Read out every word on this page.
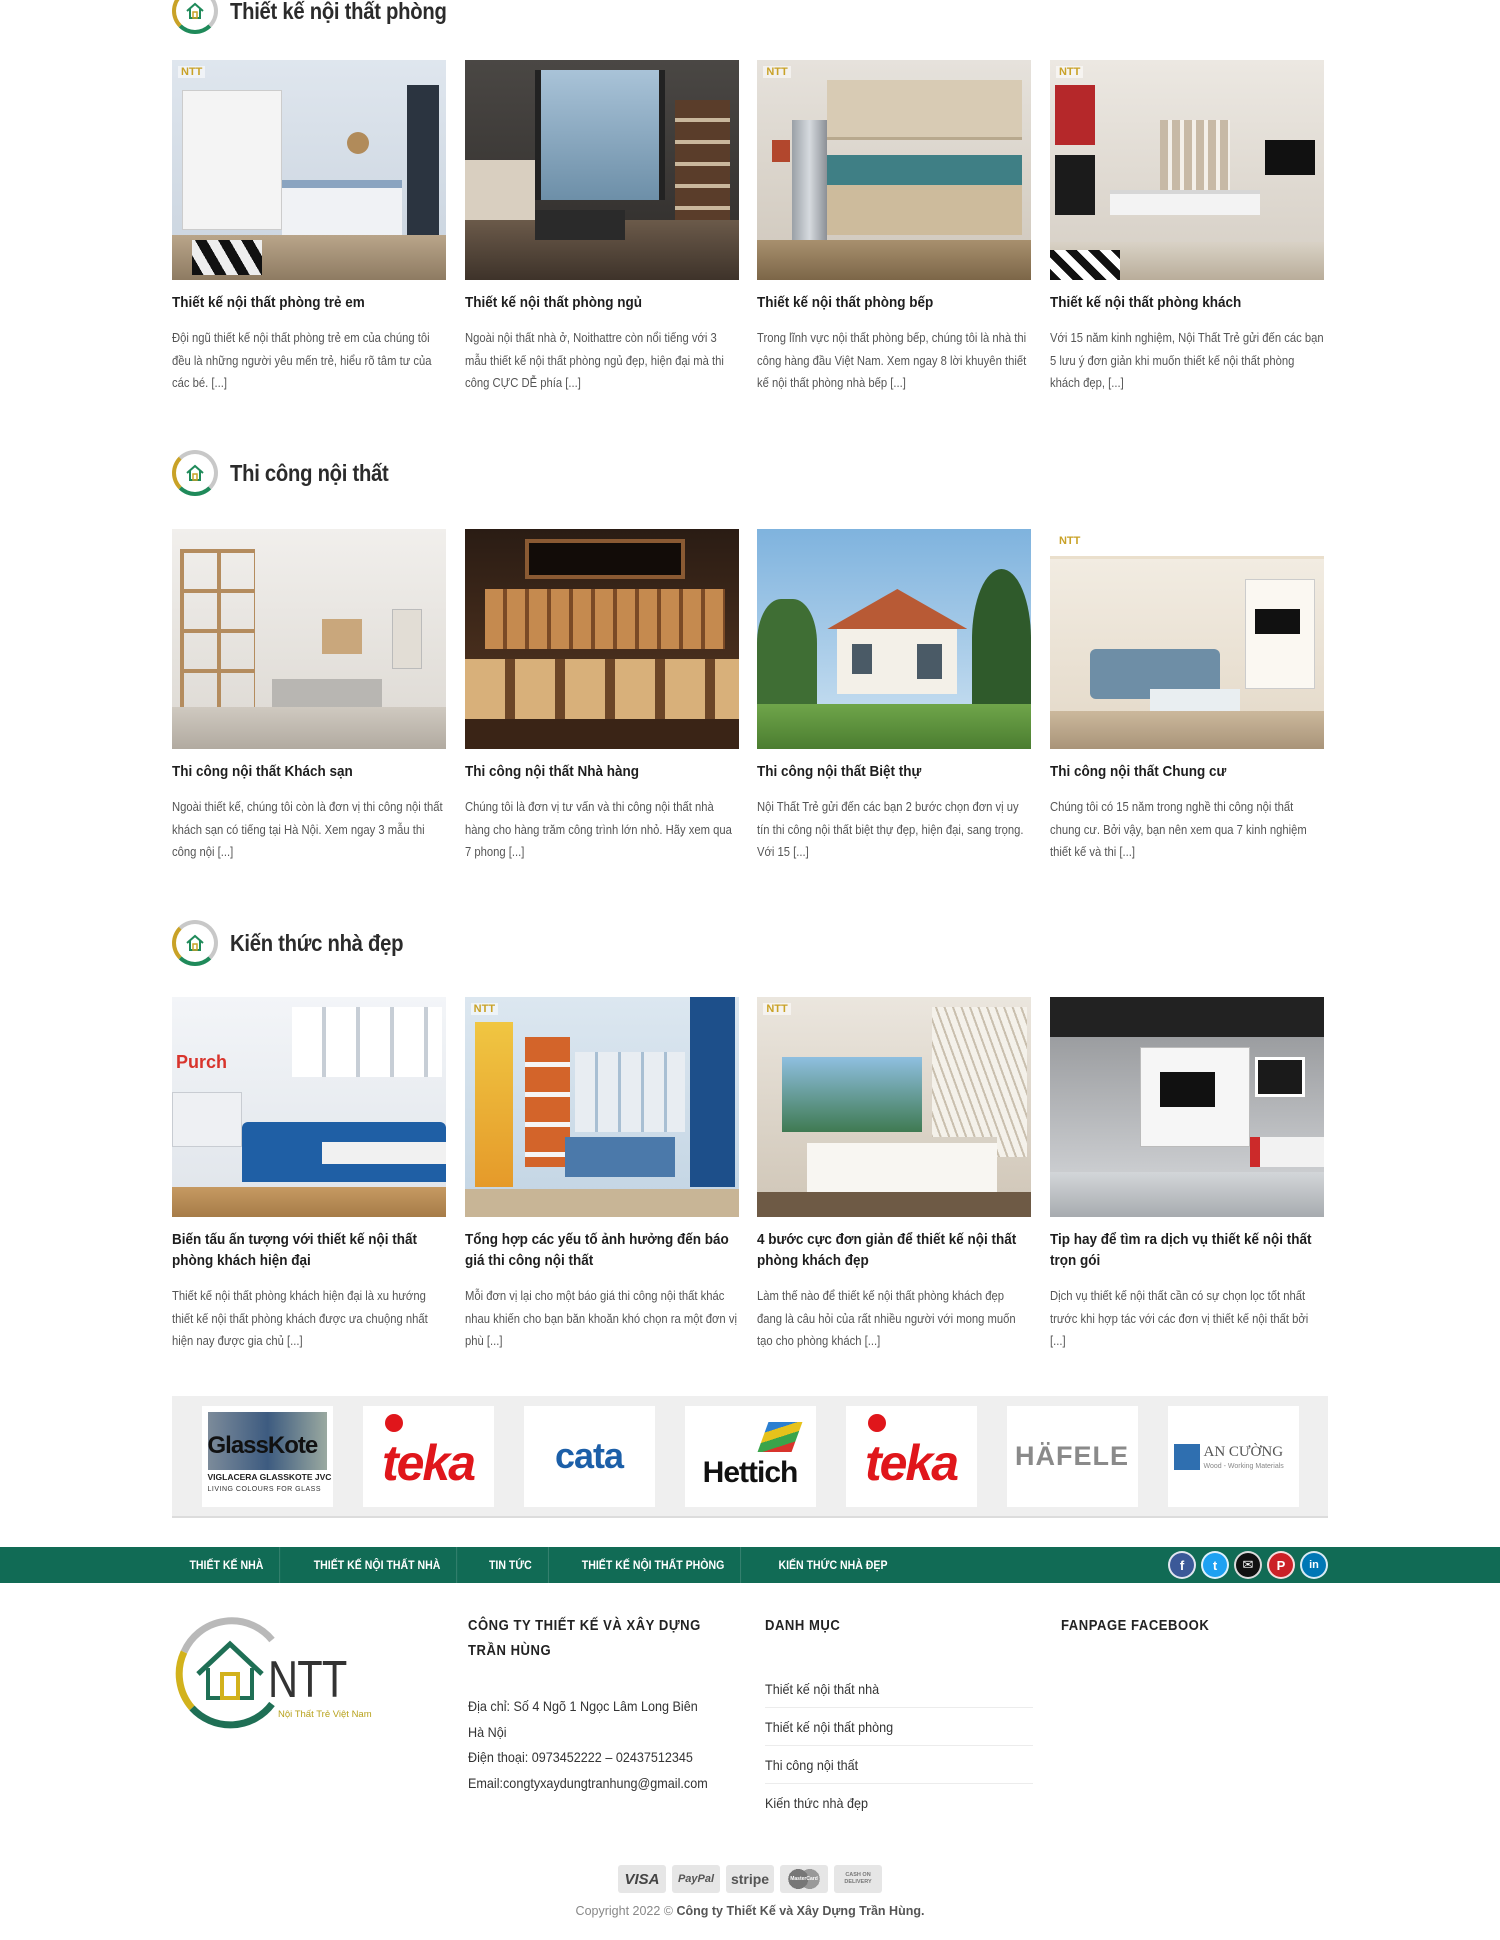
Thiết kế nội thất phòng
NTT
Thiết kế nội thất phòng trẻ em
Đội ngũ thiết kế nội thất phòng trẻ em của chúng tôi đều là những người yêu mến trẻ, hiểu rõ tâm tư của các bé. [...]
Thiết kế nội thất phòng ngủ
Ngoài nội thất nhà ở, Noithattre còn nổi tiếng với 3 mẫu thiết kế nội thất phòng ngủ đẹp, hiện đại mà thi công CỰC DỄ phía [...]
NTT
Thiết kế nội thất phòng bếp
Trong lĩnh vực nội thất phòng bếp, chúng tôi là nhà thi công hàng đầu Việt Nam. Xem ngay 8 lời khuyên thiết kế nội thất phòng nhà bếp [...]
NTT
Thiết kế nội thất phòng khách
Với 15 năm kinh nghiệm, Nội Thất Trẻ gửi đến các bạn 5 lưu ý đơn giản khi muốn thiết kế nội thất phòng khách đẹp, [...]
Thi công nội thất
Thi công nội thất Khách sạn
Ngoài thiết kế, chúng tôi còn là đơn vị thi công nội thất khách sạn có tiếng tại Hà Nội. Xem ngay 3 mẫu thi công nội [...]
Thi công nội thất Nhà hàng
Chúng tôi là đơn vị tư vấn và thi công nội thất nhà hàng cho hàng trăm công trình lớn nhỏ. Hãy xem qua 7 phong [...]
Thi công nội thất Biệt thự
Nội Thất Trẻ gửi đến các bạn 2 bước chọn đơn vị uy tín thi công nội thất biệt thự đẹp, hiện đại, sang trọng. Với 15 [...]
NTT
Thi công nội thất Chung cư
Chúng tôi có 15 năm trong nghề thi công nội thất chung cư. Bởi vậy, bạn nên xem qua 7 kinh nghiệm thiết kế và thi [...]
Kiến thức nhà đẹp
Purch
Biến tấu ấn tượng với thiết kế nội thất phòng khách hiện đại
Thiết kế nội thất phòng khách hiện đại là xu hướng thiết kế nội thất phòng khách được ưa chuộng nhất hiện nay được gia chủ [...]
NTT
Tổng hợp các yếu tố ảnh hưởng đến báo giá thi công nội thất
Mỗi đơn vị lại cho một báo giá thi công nội thất khác nhau khiến cho bạn băn khoăn khó chọn ra một đơn vị phù [...]
NTT
4 bước cực đơn giản để thiết kế nội thất phòng khách đẹp
Làm thế nào để thiết kế nội thất phòng khách đẹp đang là câu hỏi của rất nhiều người với mong muốn tạo cho phòng khách [...]
Tip hay để tìm ra dịch vụ thiết kế nội thất trọn gói
Dịch vụ thiết kế nội thất cần có sự chọn lọc tốt nhất trước khi hợp tác với các đơn vị thiết kế nội thất bởi [...]
GlassKote
VIGLACERA GLASSKOTE JVC
LIVING COLOURS FOR GLASS teka cata	Hettich teka HÄFELE	AN CƯỜNG
Wood - Working Materials
THIẾT KẾ NHÀ	THIẾT KẾ NỘI THẤT NHÀ	TIN TỨC	THIẾT KẾ NỘI THẤT PHÒNG	KIẾN THỨC NHÀ ĐẸP	f	t	✉	P	in
NTT
Nội Thất Trẻ Việt Nam
CÔNG TY THIẾT KẾ VÀ XÂY DỰNG TRẦN HÙNG
Địa chỉ: Số 4 Ngõ 1 Ngọc Lâm Long Biên
Hà Nội
Điện thoại: 0973452222 – 02437512345
Email:congtyxaydungtranhung@gmail.com
DANH MỤC
Thiết kế nội thất nhà
Thiết kế nội thất phòng
Thi công nội thất
Kiến thức nhà đẹp
FANPAGE FACEBOOK
VISA	PayPal	stripe	MasterCard
CASH ON DELIVERY
Copyright 2022 © Công ty Thiết Kế và Xây Dựng Trần Hùng.
